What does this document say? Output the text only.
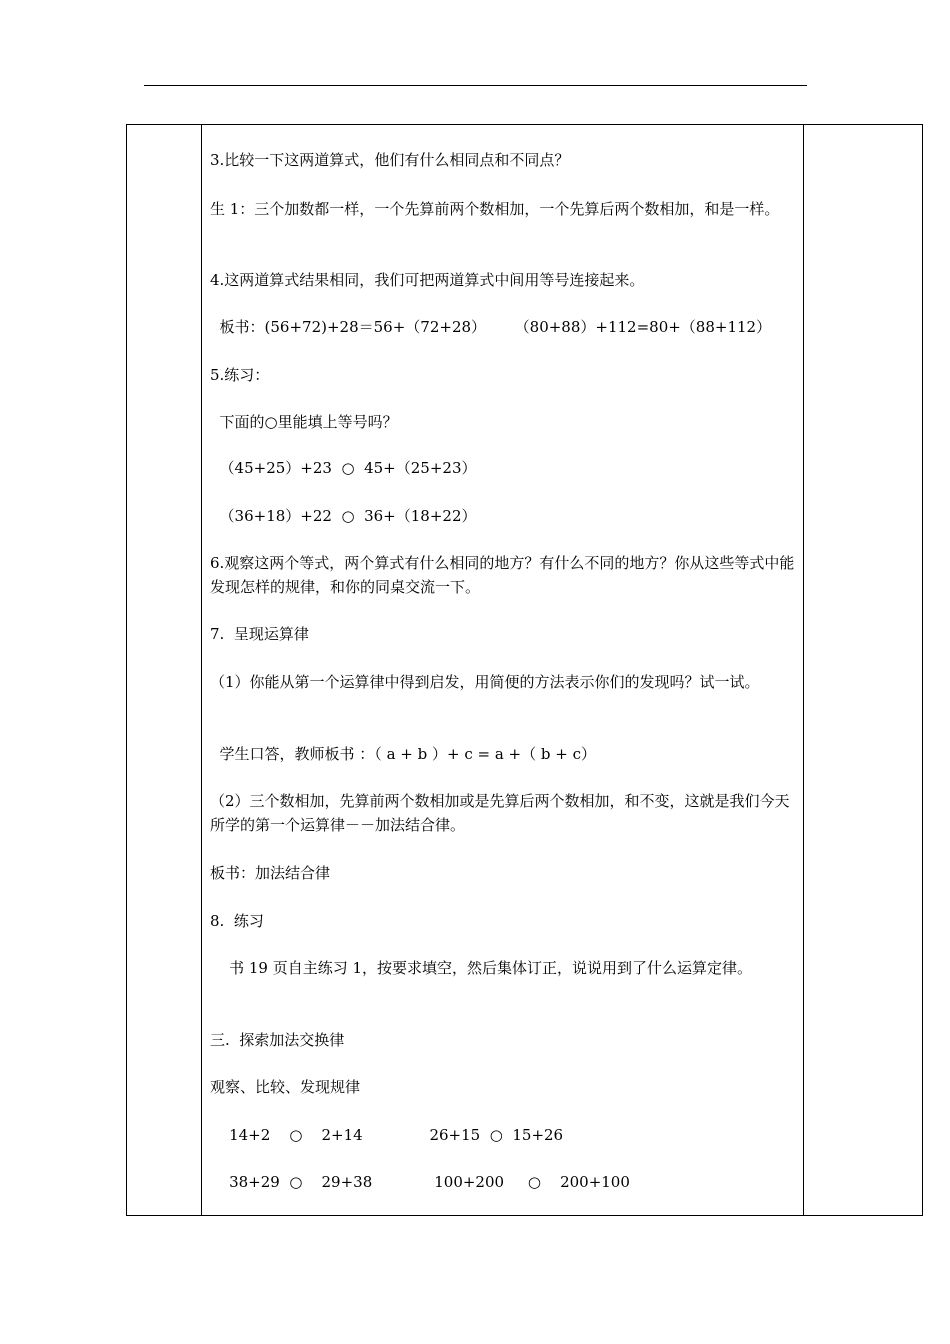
3.比较一下这两道算式，他们有什么相同点和不同点？
生 1：三个加数都一样，一个先算前两个数相加，一个先算后两个数相加，和是一样。
4.这两道算式结果相同，我们可把两道算式中间用等号连接起来。
板书：(56+72)+28＝56+（72+28）      （80+88）+112=80+（88+112）
5.练习：
下面的○里能填上等号吗？
（45+25）+23  ○  45+（25+23）
（36+18）+22  ○  36+（18+22）
6.观察这两个等式，两个算式有什么相同的地方？有什么不同的地方？你从这些等式中能发现怎样的规律，和你的同桌交流一下。
7.  呈现运算律
（1）你能从第一个运算律中得到启发，用简便的方法表示你们的发现吗？试一试。
学生口答，教师板书 ：（ a + b ）+ c = a +（ b + c）
（2）三个数相加，先算前两个数相加或是先算后两个数相加，和不变，这就是我们今天所学的第一个运算律－－加法结合律。
板书：加法结合律
8.  练习
书 19 页自主练习 1，按要求填空，然后集体订正，说说用到了什么运算定律。
三.  探索加法交换律
观察、比较、发现规律
14+2    ○    2+14              26+15  ○  15+26
38+29  ○    29+38             100+200     ○    200+100
